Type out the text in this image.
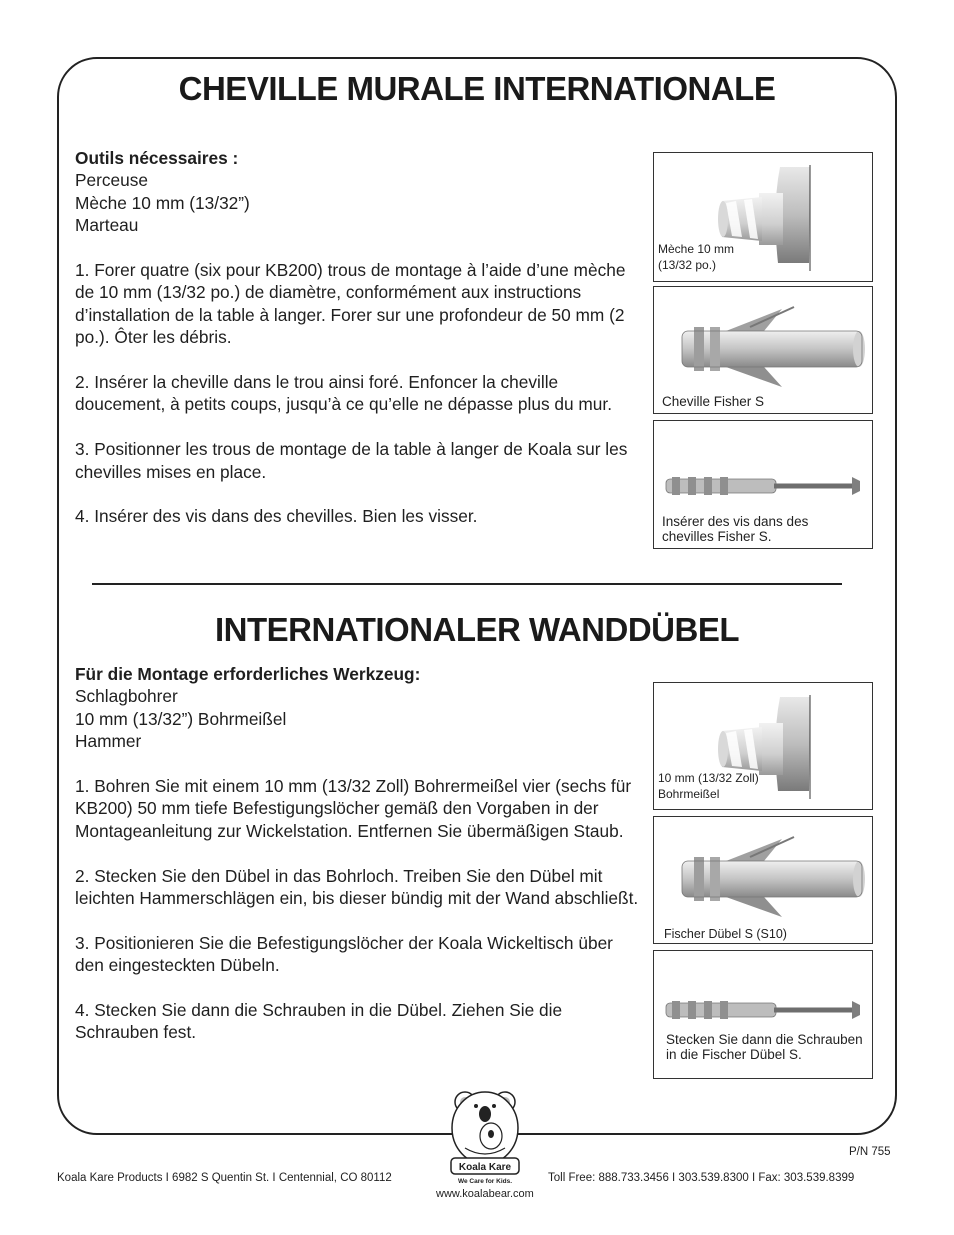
CHEVILLE MURALE INTERNATIONALE
Outils nécessaires :
Perceuse
Mèche 10 mm (13/32”)
Marteau
1. Forer quatre (six pour KB200) trous de montage à l’aide d’une mèche de 10 mm (13/32 po.) de diamètre, conformément aux instructions d’installation de la table à langer. Forer sur une profondeur de 50 mm (2 po.). Ôter les débris.
2. Insérer la cheville dans le trou ainsi foré. Enfoncer la cheville doucement, à petits coups, jusqu’à ce qu’elle ne dépasse plus du mur.
3. Positionner les trous de montage de la table à langer de Koala sur les chevilles mises en place.
4. Insérer des vis dans des chevilles. Bien les visser.
Mèche 10 mm (13/32 po.)
Cheville Fisher S
Insérer des vis dans des chevilles Fisher S.
INTERNATIONALER WANDDÜBEL
Für die Montage erforderliches Werkzeug:
Schlagbohrer
10 mm (13/32”) Bohrmeißel
Hammer
1. Bohren Sie mit einem 10 mm (13/32 Zoll) Bohrermeißel vier (sechs für KB200) 50 mm tiefe Befestigungslöcher gemäß den Vorgaben in der Montageanleitung zur Wickelstation. Entfernen Sie übermäßigen Staub.
2. Stecken Sie den Dübel in das Bohrloch. Treiben Sie den Dübel mit leichten Hammerschlägen ein, bis dieser bündig mit der Wand abschließt.
3. Positionieren Sie die Befestigungslöcher der Koala Wickeltisch über den eingesteckten Dübeln.
4. Stecken Sie dann die Schrauben in die Dübel. Ziehen Sie die Schrauben fest.
10 mm (13/32 Zoll) Bohrmeißel
Fischer Dübel S (S10)
Stecken Sie dann die Schrauben in die Fischer Dübel S.
Koala Kare
We Care for Kids.
P/N 755
Koala Kare Products I 6982 S Quentin St. I Centennial, CO 80112	Toll Free: 888.733.3456 I 303.539.8300 I Fax: 303.539.8399
www.koalabear.com
